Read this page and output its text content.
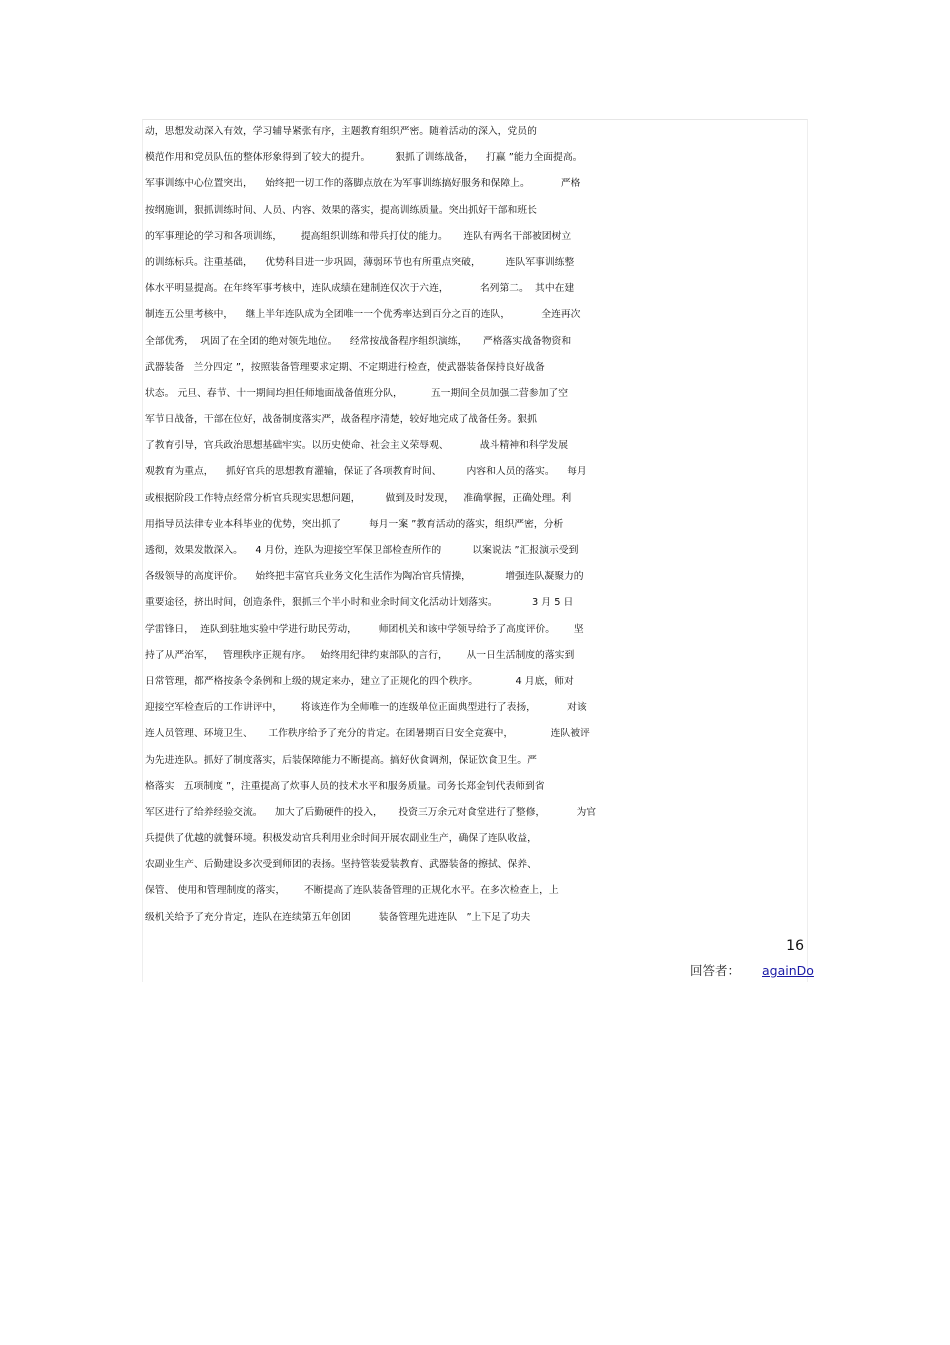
动，思想发动深入有效，学习辅导紧张有序，主题教育组织严密。随着活动的深入，党员的
模范作用和党员队伍的整体形象得到了较大的提升。        狠抓了训练战备，    打赢 ”能力全面提高。
军事训练中心位置突出，    始终把一切工作的落脚点放在为军事训练搞好服务和保障上。          严格
按纲施训，狠抓训练时间、人员、内容、效果的落实，提高训练质量。突出抓好干部和班长
的军事理论的学习和各项训练，      提高组织训练和带兵打仗的能力。     连队有两名干部被团树立
的训练标兵。注重基础，    优势科目进一步巩固，薄弱环节也有所重点突破，        连队军事训练整
体水平明显提高。在年终军事考核中，连队成绩在建制连仅次于六连，          名列第二。  其中在建
制连五公里考核中，    继上半年连队成为全团唯一一个优秀率达到百分之百的连队，          全连再次
全部优秀，  巩固了在全团的绝对领先地位。    经常按战备程序组织演练，     严格落实战备物资和
武器装备   兰分四定 ”，按照装备管理要求定期、不定期进行检查，使武器装备保持良好战备
状态。 元旦、春节、十一期间均担任师地面战备值班分队，         五一期间全员加强二营参加了空
军节日战备，干部在位好，战备制度落实严，战备程序清楚，较好地完成了战备任务。狠抓
了教育引导，官兵政治思想基础牢实。以历史使命、社会主义荣辱观、          战斗精神和科学发展
观教育为重点，    抓好官兵的思想教育灌输，保证了各项教育时间、        内容和人员的落实。    每月
或根据阶段工作特点经常分析官兵现实思想问题，        做到及时发现，   准确掌握，正确处理。利
用指导员法律专业本科毕业的优势，突出抓了         每月一案 ”教育活动的落实，组织严密，分析
透彻，效果发散深入。    4 月份，连队为迎接空军保卫部检查所作的          以案说法 ”汇报演示受到
各级领导的高度评价。    始终把丰富官兵业务文化生活作为陶冶官兵情操，           增强连队凝聚力的
重要途径，挤出时间，创造条件，狠抓三个半小时和业余时间文化活动计划落实。           3 月 5 日
学雷锋日，  连队到驻地实验中学进行助民劳动，       师团机关和该中学领导给予了高度评价。      坚
持了从严治军，   管理秩序正规有序。   始终用纪律约束部队的言行，      从一日生活制度的落实到
日常管理，都严格按条令条例和上级的规定来办，建立了正规化的四个秩序。            4 月底，师对
迎接空军检查后的工作讲评中，      将该连作为全师唯一的连级单位正面典型进行了表扬，          对该
连人员管理、环境卫生、     工作秩序给予了充分的肯定。在团暑期百日安全竞赛中，            连队被评
为先进连队。抓好了制度落实，后装保障能力不断提高。搞好伙食调剂，保证饮食卫生。严
格落实   五项制度 ”，注重提高了炊事人员的技术水平和服务质量。司务长郑金钊代表师到省
军区进行了给养经验交流。    加大了后勤硬件的投入，     投资三万余元对食堂进行了整修，          为官
兵提供了优越的就餐环境。积极发动官兵利用业余时间开展农副业生产，确保了连队收益，
农副业生产、后勤建设多次受到师团的表扬。坚持管装爱装教育、武器装备的擦拭、保养、
保管、 使用和管理制度的落实，      不断提高了连队装备管理的正规化水平。在多次检查上，上
级机关给予了充分肯定，连队在连续第五年创团         装备管理先进连队   ”上下足了功夫
16
回答者： againDo
